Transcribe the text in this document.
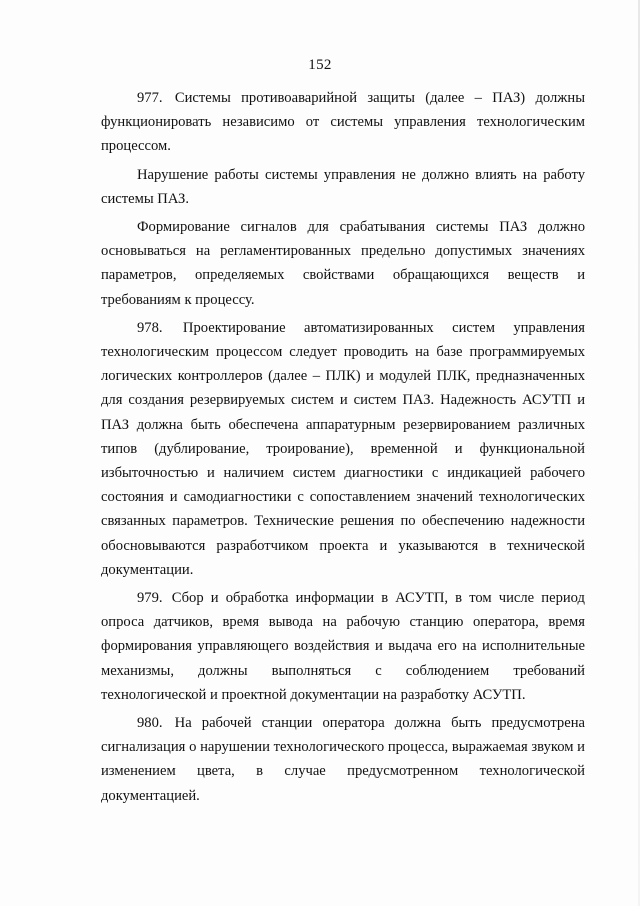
152

977. Системы противоаварийной защиты (далее – ПАЗ) должны функционировать независимо от системы управления технологическим процессом.

Нарушение работы системы управления не должно влиять на работу системы ПАЗ.

Формирование сигналов для срабатывания системы ПАЗ должно основываться на регламентированных предельно допустимых значениях параметров, определяемых свойствами обращающихся веществ и требованиям к процессу.

978. Проектирование автоматизированных систем управления технологическим процессом следует проводить на базе программируемых логических контроллеров (далее – ПЛК) и модулей ПЛК, предназначенных для создания резервируемых систем и систем ПАЗ. Надежность АСУТП и ПАЗ должна быть обеспечена аппаратурным резервированием различных типов (дублирование, троирование), временной и функциональной избыточностью и наличием систем диагностики с индикацией рабочего состояния и самодиагностики с сопоставлением значений технологических связанных параметров. Технические решения по обеспечению надежности обосновываются разработчиком проекта и указываются в технической документации.

979. Сбор и обработка информации в АСУТП, в том числе период опроса датчиков, время вывода на рабочую станцию оператора, время формирования управляющего воздействия и выдача его на исполнительные механизмы, должны выполняться с соблюдением требований технологической и проектной документации на разработку АСУТП.

980. На рабочей станции оператора должна быть предусмотрена сигнализация о нарушении технологического процесса, выражаемая звуком и изменением цвета, в случае предусмотренном технологической документацией.
